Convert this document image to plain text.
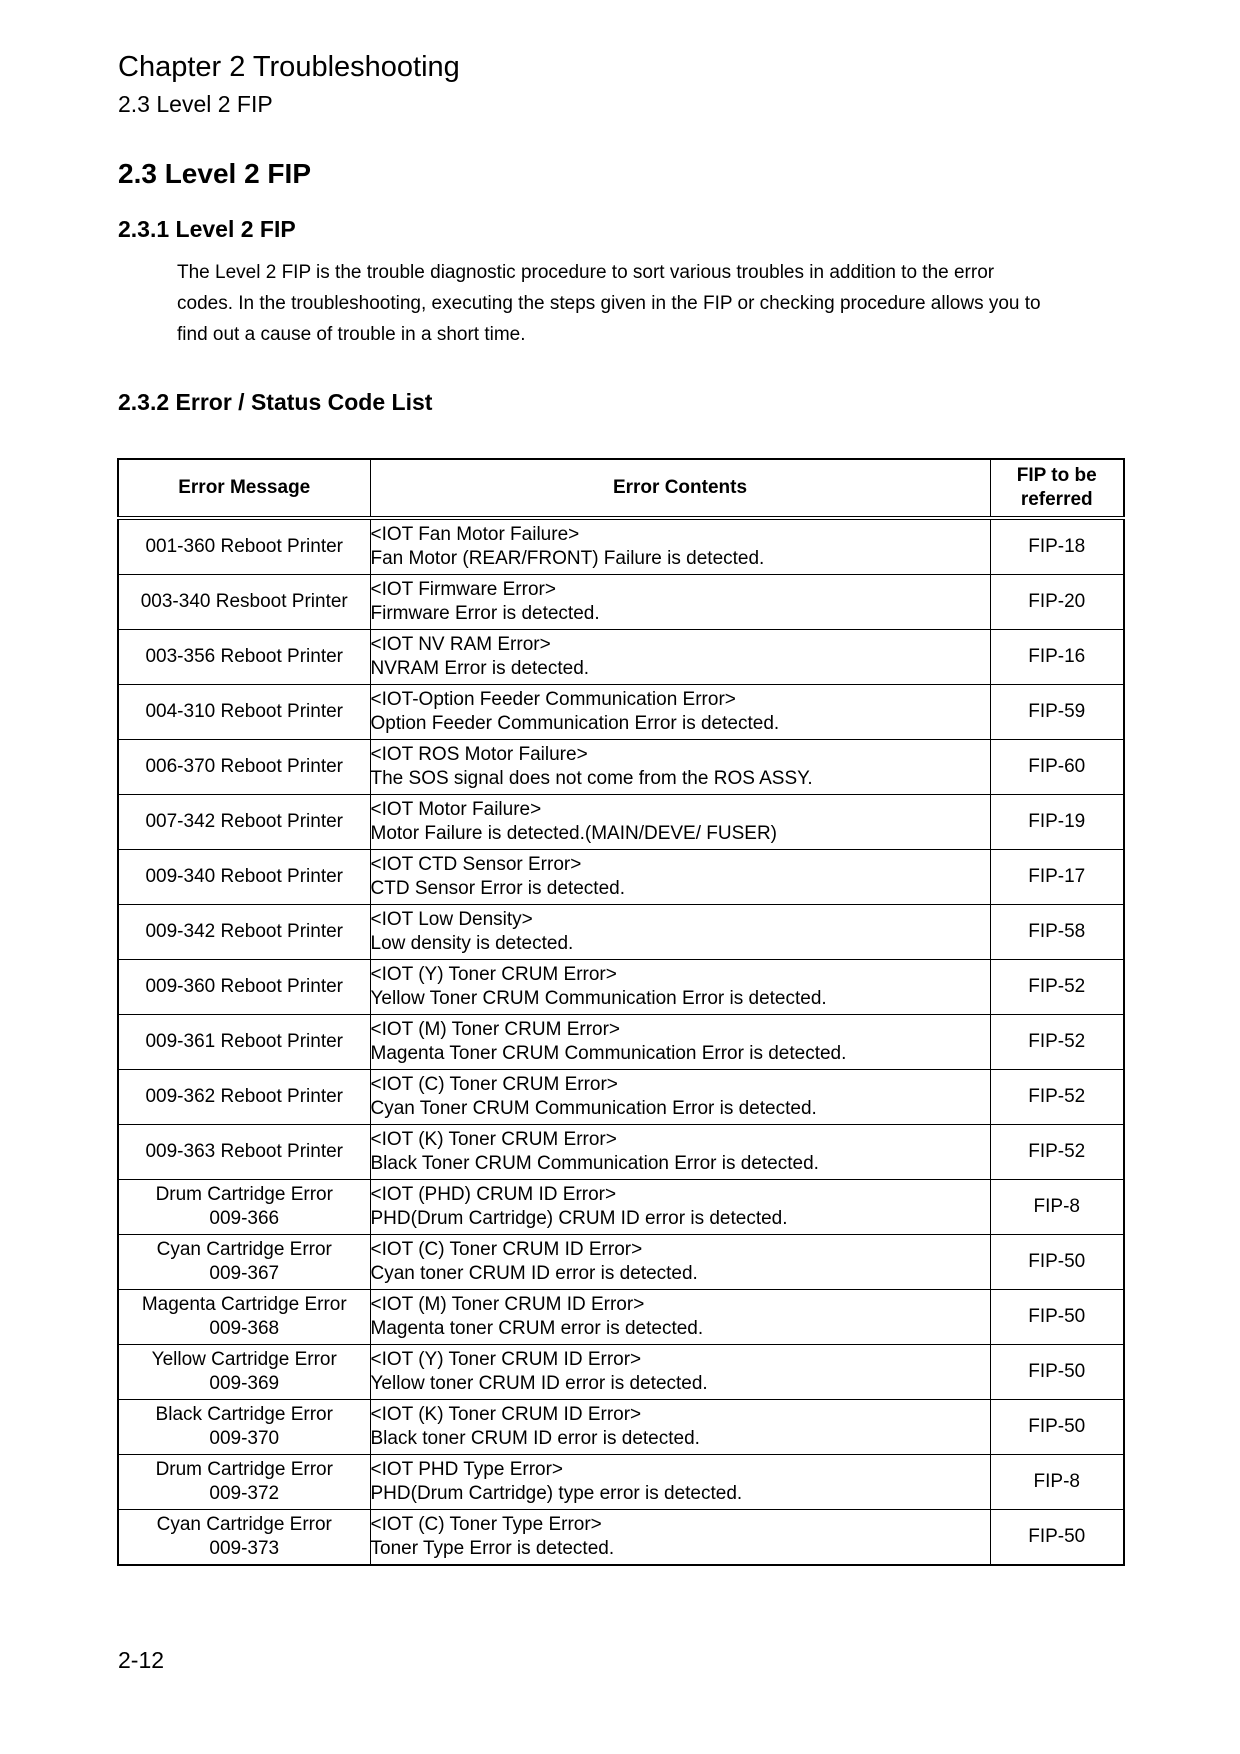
Chapter 2 Troubleshooting
2.3 Level 2 FIP
2.3 Level 2 FIP
2.3.1 Level 2 FIP
The Level 2 FIP is the trouble diagnostic procedure to sort various troubles in addition to the error
codes. In the troubleshooting, executing the steps given in the FIP or checking procedure allows you to
find out a cause of trouble in a short time.
2.3.2 Error / Status Code List
Error Message	Error Contents	FIP to be
referred

001-360 Reboot Printer	<IOT Fan Motor Failure>
Fan Motor (REAR/FRONT) Failure is detected.	FIP-18

003-340 Resboot Printer	<IOT Firmware Error>
Firmware Error is detected.	FIP-20

003-356 Reboot Printer	<IOT NV RAM Error>
NVRAM Error is detected.	FIP-16

004-310 Reboot Printer	<IOT-Option Feeder Communication Error>
Option Feeder Communication Error is detected.	FIP-59

006-370 Reboot Printer	<IOT ROS Motor Failure>
The SOS signal does not come from the ROS ASSY.	FIP-60

007-342 Reboot Printer	<IOT Motor Failure>
Motor Failure is detected.(MAIN/DEVE/ FUSER)	FIP-19

009-340 Reboot Printer	<IOT CTD Sensor Error>
CTD Sensor Error is detected.	FIP-17

009-342 Reboot Printer	<IOT Low Density>
Low density is detected.	FIP-58

009-360 Reboot Printer	<IOT (Y) Toner CRUM Error>
Yellow Toner CRUM Communication Error is detected.	FIP-52

009-361 Reboot Printer	<IOT (M) Toner CRUM Error>
Magenta Toner CRUM Communication Error is detected.	FIP-52

009-362 Reboot Printer	<IOT (C) Toner CRUM Error>
Cyan Toner CRUM Communication Error is detected.	FIP-52

009-363 Reboot Printer	<IOT (K) Toner CRUM Error>
Black Toner CRUM Communication Error is detected.	FIP-52

Drum Cartridge Error
009-366	<IOT (PHD) CRUM ID Error>
PHD(Drum Cartridge) CRUM ID error is detected.	FIP-8

Cyan Cartridge Error
009-367	<IOT (C) Toner CRUM ID Error>
Cyan toner CRUM ID error is detected.	FIP-50

Magenta Cartridge Error
009-368	<IOT (M) Toner CRUM ID Error>
Magenta toner CRUM error is detected.	FIP-50

Yellow Cartridge Error
009-369	<IOT (Y) Toner CRUM ID Error>
Yellow toner CRUM ID error is detected.	FIP-50

Black Cartridge Error
009-370	<IOT (K) Toner CRUM ID Error>
Black toner CRUM ID error is detected.	FIP-50

Drum Cartridge Error
009-372	<IOT PHD Type Error>
PHD(Drum Cartridge) type error is detected.	FIP-8

Cyan Cartridge Error
009-373	<IOT (C) Toner Type Error>
Toner Type Error is detected.	FIP-50
2-12
